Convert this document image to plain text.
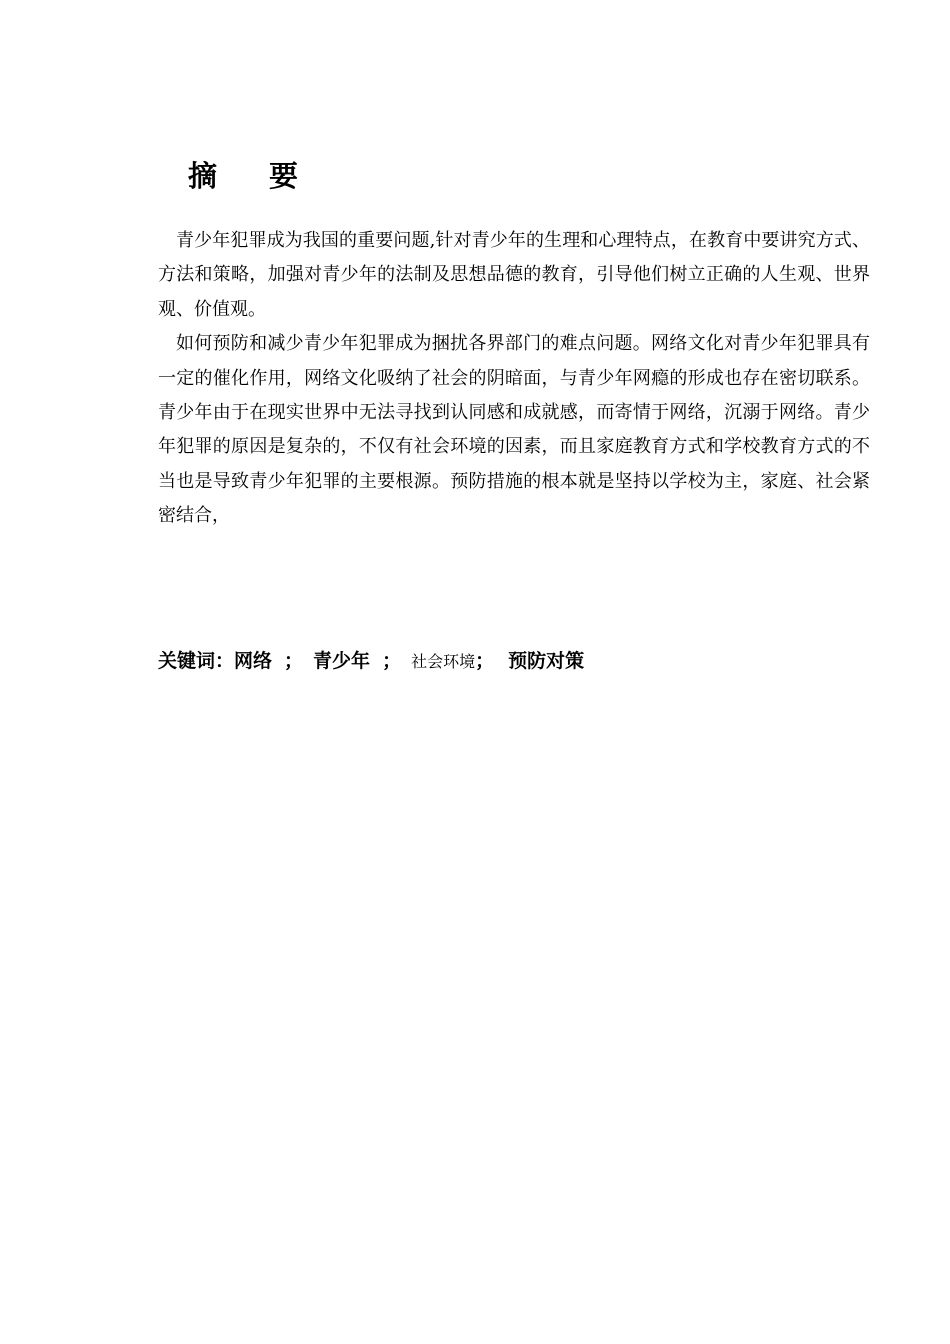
摘 要

青少年犯罪成为我国的重要问题,针对青少年的生理和心理特点，在教育中要讲究方式、方法和策略，加强对青少年的法制及思想品德的教育，引导他们树立正确的人生观、世界观、价值观。

如何预防和减少青少年犯罪成为捆扰各界部门的难点问题。网络文化对青少年犯罪具有一定的催化作用，网络文化吸纳了社会的阴暗面，与青少年网瘾的形成也存在密切联系。青少年由于在现实世界中无法寻找到认同感和成就感，而寄情于网络，沉溺于网络。青少年犯罪的原因是复杂的，不仅有社会环境的因素，而且家庭教育方式和学校教育方式的不当也是导致青少年犯罪的主要根源。预防措施的根本就是坚持以学校为主，家庭、社会紧密结合，

关键词：网络 ； 青少年 ； 社会环境； 预防对策
